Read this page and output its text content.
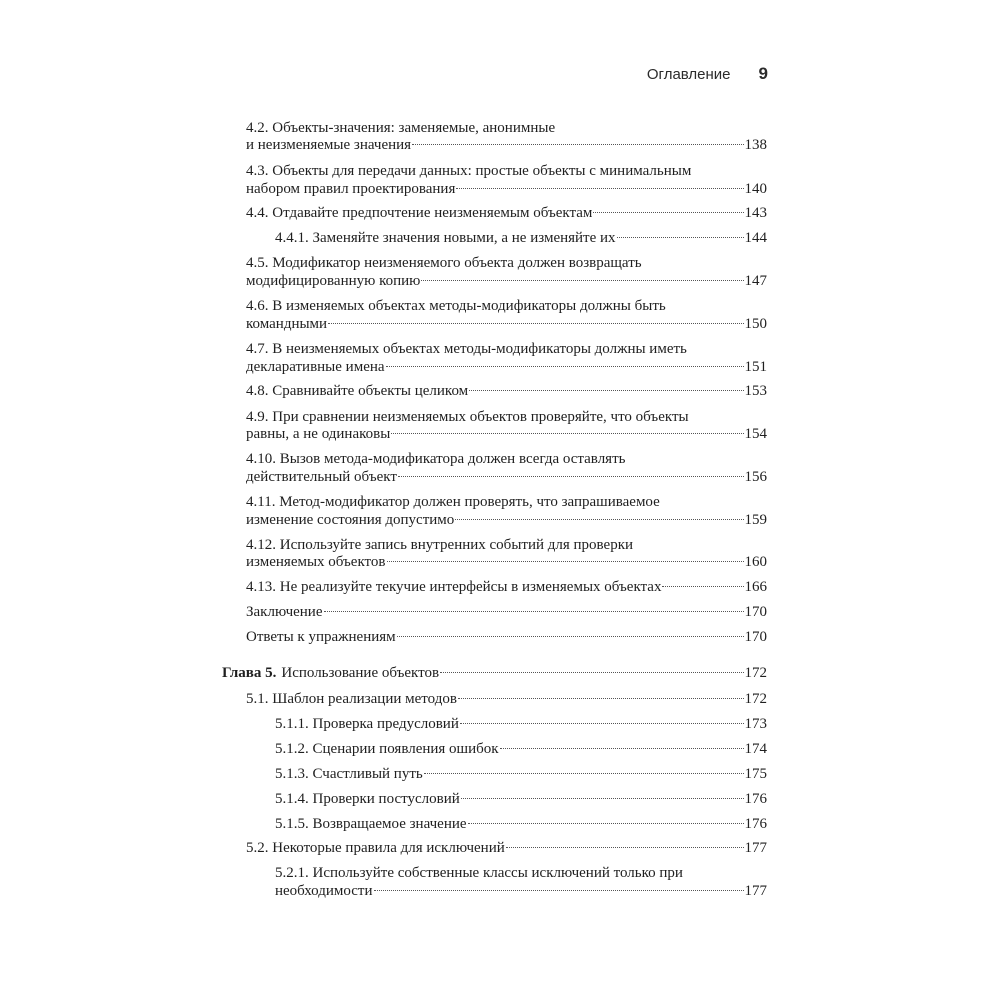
Оглавление 9
4.2. Объекты-значения: заменяемые, анонимные
и неизменяемые значения	138
4.3. Объекты для передачи данных: простые объекты с минимальным
набором правил проектирования	140
4.4. Отдавайте предпочтение неизменяемым объектам	143
4.4.1. Заменяйте значения новыми, а не изменяйте их	144
4.5. Модификатор неизменяемого объекта должен возвращать
модифицированную копию	147
4.6. В изменяемых объектах методы-модификаторы должны быть
командными	150
4.7. В неизменяемых объектах методы-модификаторы должны иметь
декларативные имена	151
4.8. Сравнивайте объекты целиком	153
4.9. При сравнении неизменяемых объектов проверяйте, что объекты
равны, а не одинаковы	154
4.10. Вызов метода-модификатора должен всегда оставлять
действительный объект	156
4.11. Метод-модификатор должен проверять, что запрашиваемое
изменение состояния допустимо	159
4.12. Используйте запись внутренних событий для проверки
изменяемых объектов	160
4.13. Не реализуйте текучие интерфейсы в изменяемых объектах	166
Заключение	170
Ответы к упражнениям	170
Глава 5. Использование объектов	172
5.1. Шаблон реализации методов	172
5.1.1. Проверка предусловий	173
5.1.2. Сценарии появления ошибок	174
5.1.3. Счастливый путь	175
5.1.4. Проверки постусловий	176
5.1.5. Возвращаемое значение	176
5.2. Некоторые правила для исключений	177
5.2.1. Используйте собственные классы исключений только при
необходимости	177
